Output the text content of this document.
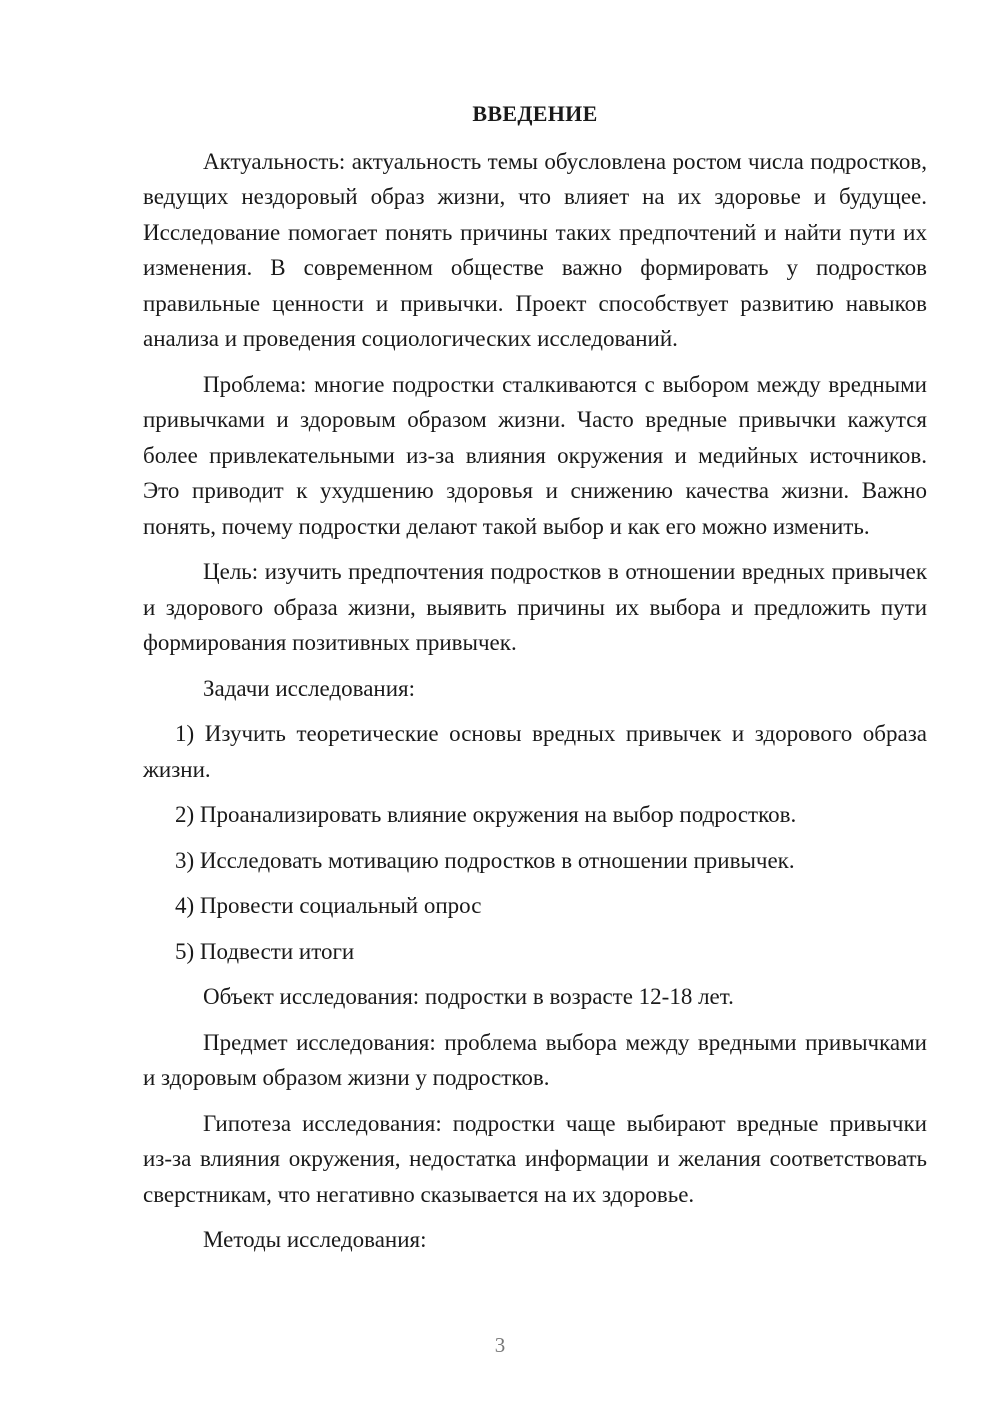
ВВЕДЕНИЕ

Актуальность: актуальность темы обусловлена ростом числа подростков, ведущих нездоровый образ жизни, что влияет на их здоровье и будущее. Исследование помогает понять причины таких предпочтений и найти пути их изменения. В современном обществе важно формировать у подростков правильные ценности и привычки. Проект способствует развитию навыков анализа и проведения социологических исследований.

Проблема: многие подростки сталкиваются с выбором между вредными привычками и здоровым образом жизни. Часто вредные привычки кажутся более привлекательными из-за влияния окружения и медийных источников. Это приводит к ухудшению здоровья и снижению качества жизни. Важно понять, почему подростки делают такой выбор и как его можно изменить.

Цель: изучить предпочтения подростков в отношении вредных привычек и здорового образа жизни, выявить причины их выбора и предложить пути формирования позитивных привычек.

Задачи исследования:

1) Изучить теоретические основы вредных привычек и здорового образа жизни.

2) Проанализировать влияние окружения на выбор подростков.

3) Исследовать мотивацию подростков в отношении привычек.

4) Провести социальный опрос

5) Подвести итоги

Объект исследования: подростки в возрасте 12-18 лет.

Предмет исследования: проблема выбора между вредными привычками и здоровым образом жизни у подростков.

Гипотеза исследования: подростки чаще выбирают вредные привычки из-за влияния окружения, недостатка информации и желания соответствовать сверстникам, что негативно сказывается на их здоровье.

Методы исследования:

3
